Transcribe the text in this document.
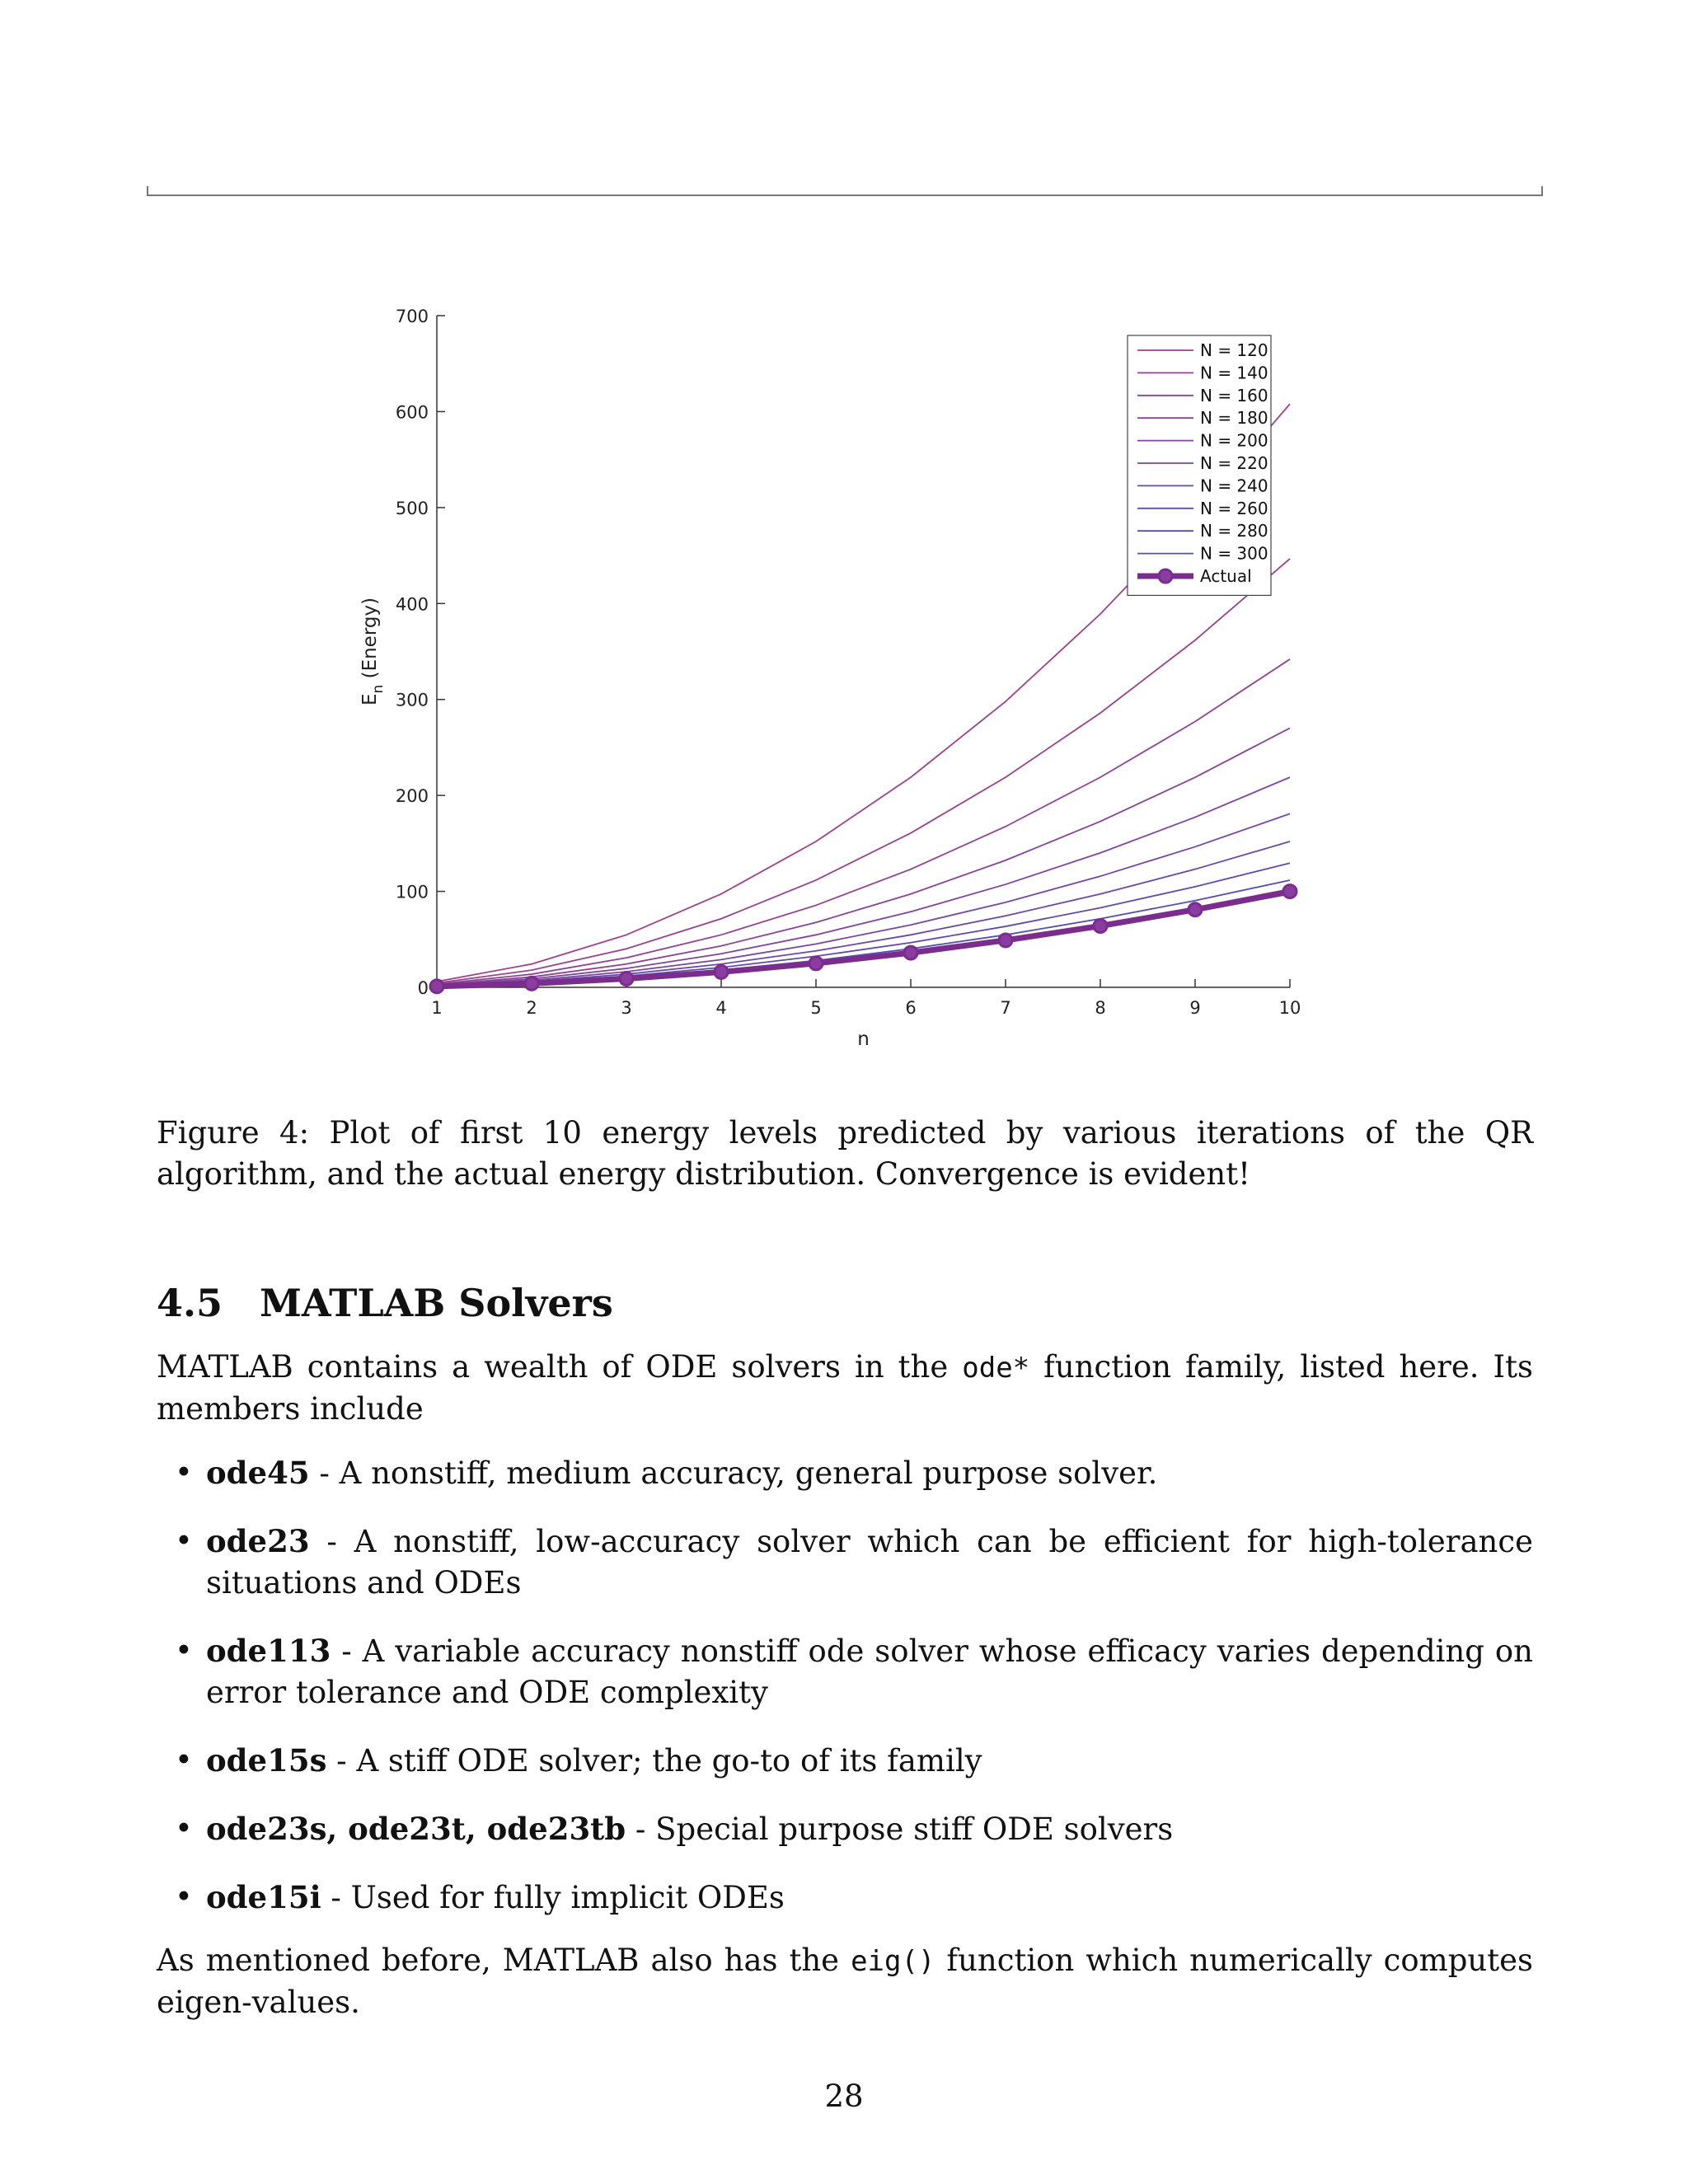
0
100
200
300
400
500
600
700
1	2	3	4	5	6	7	8	9	10
n
$E_n$ (Energy)
N = 120
N = 140
N = 160
N = 180
N = 200
N = 220
N = 240
N = 260
N = 280
N = 300
Actual
Figure 4: Plot of first 10 energy levels predicted by various iterations of the QR algorithm, and the actual energy distribution. Convergence is evident!
4.5 MATLAB Solvers
MATLAB contains a wealth of ODE solvers in the ode* function family, listed here. Its members include
• ode45 - A nonstiff, medium accuracy, general purpose solver.
• ode23 - A nonstiff, low-accuracy solver which can be efficient for high-tolerance situations and ODEs
• ode113 - A variable accuracy nonstiff ode solver whose efficacy varies depending on error tolerance and ODE complexity
• ode15s - A stiff ODE solver; the go-to of its family
• ode23s, ode23t, ode23tb - Special purpose stiff ODE solvers
• ode15i - Used for fully implicit ODEs
As mentioned before, MATLAB also has the eig() function which numerically computes eigen-values.
28
